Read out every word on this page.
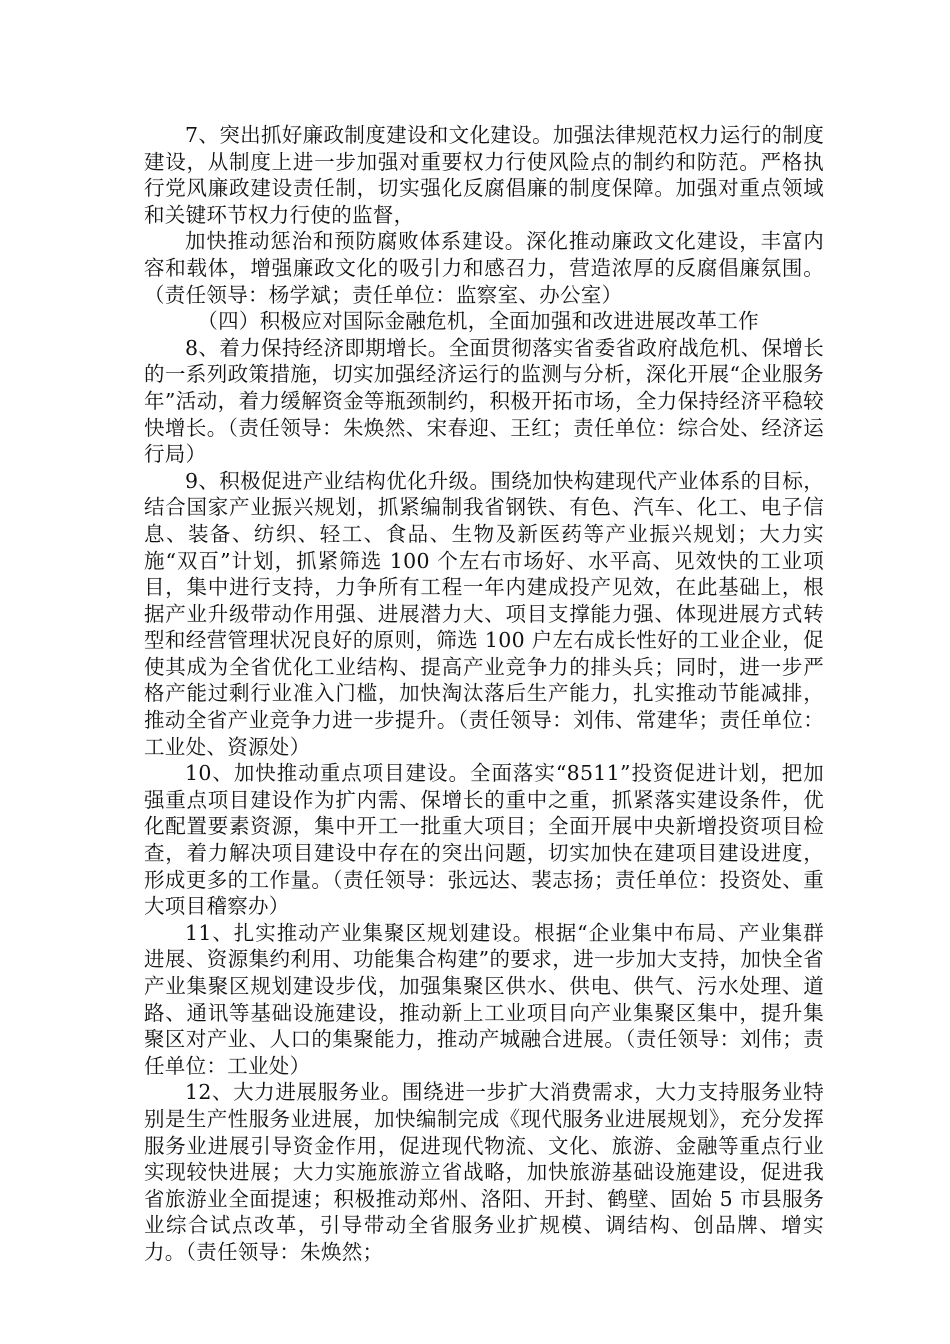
7、突出抓好廉政制度建设和文化建设。加强法律规范权力运行的制度建设，从制度上进一步加强对重要权力行使风险点的制约和防范。严格执行党风廉政建设责任制，切实强化反腐倡廉的制度保障。加强对重点领域和关键环节权力行使的监督，

加快推动惩治和预防腐败体系建设。深化推动廉政文化建设，丰富内容和载体，增强廉政文化的吸引力和感召力，营造浓厚的反腐倡廉氛围。（责任领导：杨学斌；责任单位：监察室、办公室）

（四）积极应对国际金融危机，全面加强和改进进展改革工作

8、着力保持经济即期增长。全面贯彻落实省委省政府战危机、保增长的一系列政策措施，切实加强经济运行的监测与分析，深化开展“企业服务年”活动，着力缓解资金等瓶颈制约，积极开拓市场，全力保持经济平稳较快增长。（责任领导：朱焕然、宋春迎、王红；责任单位：综合处、经济运行局）

9、积极促进产业结构优化升级。围绕加快构建现代产业体系的目标，结合国家产业振兴规划，抓紧编制我省钢铁、有色、汽车、化工、电子信息、装备、纺织、轻工、食品、生物及新医药等产业振兴规划；大力实施“双百”计划，抓紧筛选 100 个左右市场好、水平高、见效快的工业项目，集中进行支持，力争所有工程一年内建成投产见效，在此基础上，根据产业升级带动作用强、进展潜力大、项目支撑能力强、体现进展方式转型和经营管理状况良好的原则，筛选 100 户左右成长性好的工业企业，促使其成为全省优化工业结构、提高产业竞争力的排头兵；同时，进一步严格产能过剩行业准入门槛，加快淘汰落后生产能力，扎实推动节能减排，推动全省产业竞争力进一步提升。（责任领导：刘伟、常建华；责任单位：工业处、资源处）

10、加快推动重点项目建设。全面落实“8511”投资促进计划，把加强重点项目建设作为扩内需、保增长的重中之重，抓紧落实建设条件，优化配置要素资源，集中开工一批重大项目；全面开展中央新增投资项目检查，着力解决项目建设中存在的突出问题，切实加快在建项目建设进度，形成更多的工作量。（责任领导：张远达、裴志扬；责任单位：投资处、重大项目稽察办）

11、扎实推动产业集聚区规划建设。根据“企业集中布局、产业集群进展、资源集约利用、功能集合构建”的要求，进一步加大支持，加快全省产业集聚区规划建设步伐，加强集聚区供水、供电、供气、污水处理、道路、通讯等基础设施建设，推动新上工业项目向产业集聚区集中，提升集聚区对产业、人口的集聚能力，推动产城融合进展。（责任领导：刘伟；责任单位：工业处）

12、大力进展服务业。围绕进一步扩大消费需求，大力支持服务业特别是生产性服务业进展，加快编制完成《现代服务业进展规划》，充分发挥服务业进展引导资金作用，促进现代物流、文化、旅游、金融等重点行业实现较快进展；大力实施旅游立省战略，加快旅游基础设施建设，促进我省旅游业全面提速；积极推动郑州、洛阳、开封、鹤壁、固始 5 市县服务业综合试点改革，引导带动全省服务业扩规模、调结构、创品牌、增实力。（责任领导：朱焕然；
